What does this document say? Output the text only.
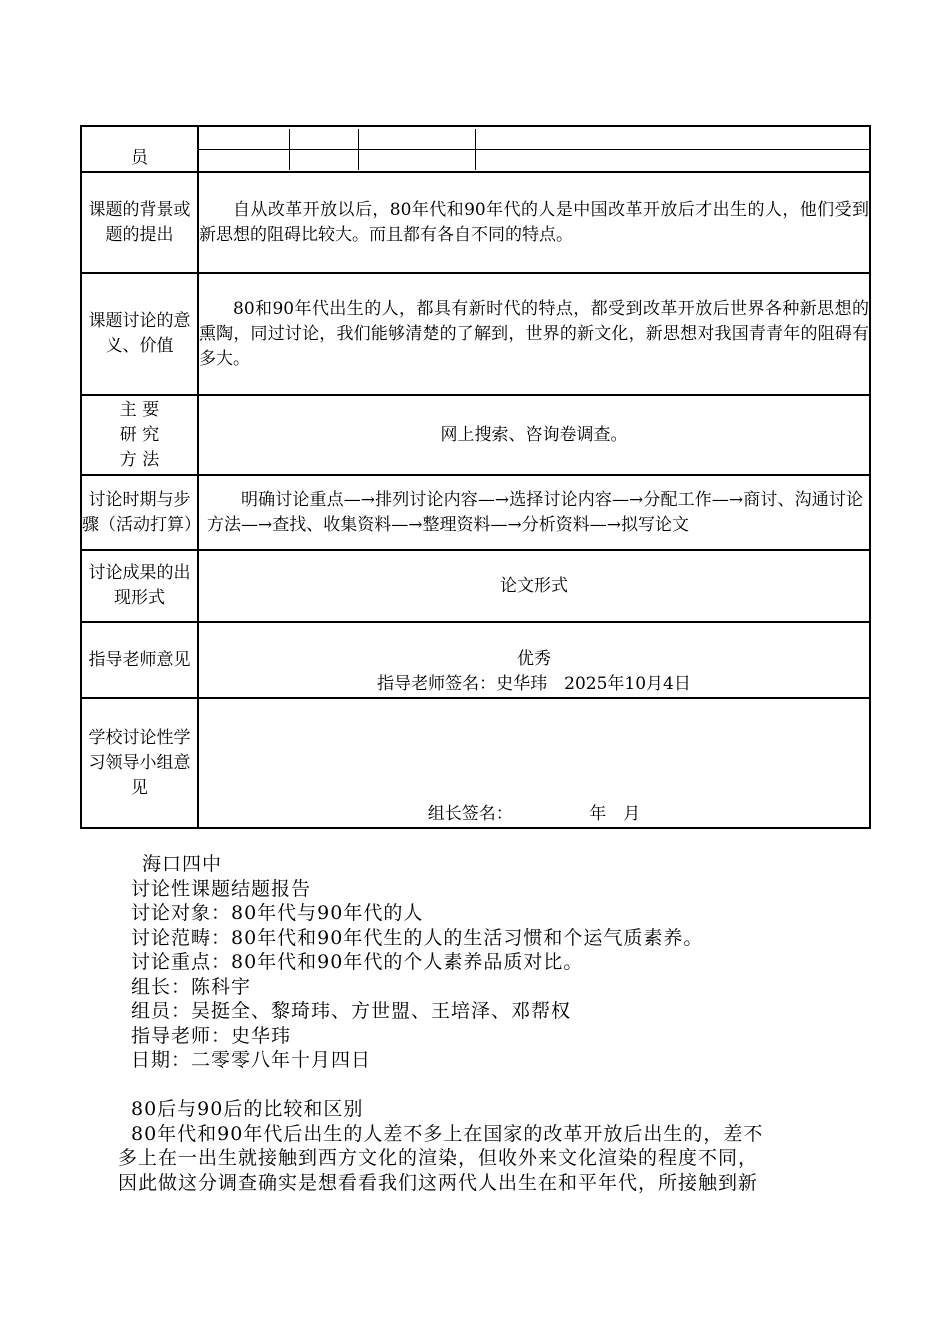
员	

课题的背景或题的提出	自从改革开放以后，80年代和90年代的人是中国改革开放后才出生的人，他们受到新思想的阻碍比较大。而且都有各自不同的特点。
课题讨论的意义、价值	80和90年代出生的人，都具有新时代的特点，都受到改革开放后世界各种新思想的熏陶，同过讨论，我们能够清楚的了解到，世界的新文化，新思想对我国青青年的阻碍有多大。

主 要
研 究
方 法
	网上搜索、咨询卷调查。
讨论时期与步骤（活动打算）	明确讨论重点—→排列讨论内容—→选择讨论内容—→分配工作—→商讨、沟通讨论方法—→查找、收集资料—→整理资料—→分析资料—→拟写论文
讨论成果的出现形式	论文形式
指导老师意见	优秀
指导老师签名：史华玮　2025年10月4日

学校讨论性学习领导小组意见	
组长签名：　　　　　年　月
海口四中
讨论性课题结题报告
讨论对象：80年代与90年代的人
讨论范畴：80年代和90年代生的人的生活习惯和个运气质素养。
讨论重点：80年代和90年代的个人素养品质对比。
组长：陈科宇
组员：吴挺全、黎琦玮、方世盟、王培泽、邓帮权
指导老师：史华玮
日期：二零零八年十月四日
80后与90后的比较和区别
80年代和90年代后出生的人差不多上在国家的改革开放后出生的，差不
多上在一出生就接触到西方文化的渲染，但收外来文化渲染的程度不同，
因此做这分调查确实是想看看我们这两代人出生在和平年代，所接触到新
